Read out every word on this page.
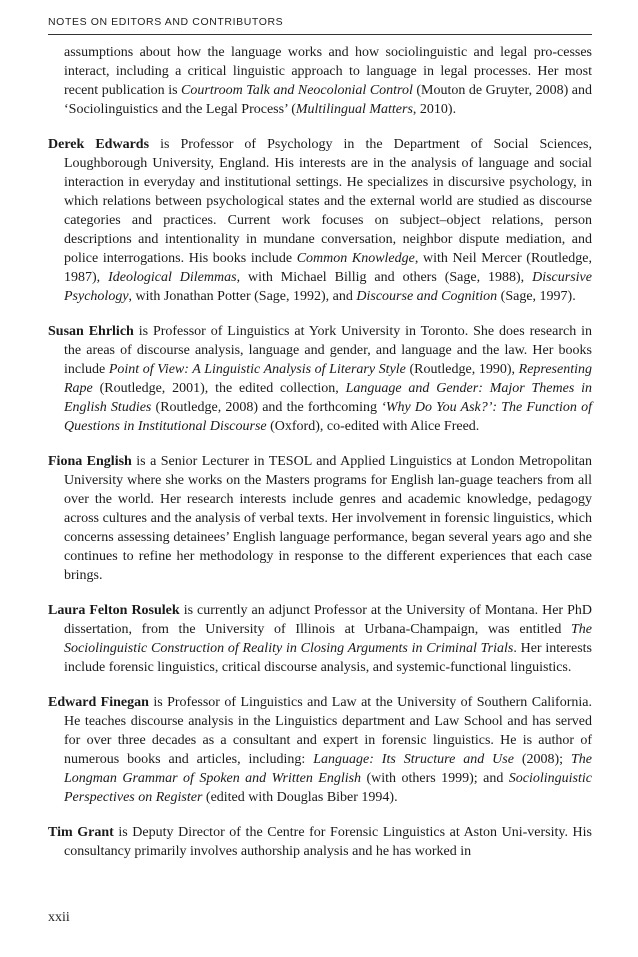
NOTES ON EDITORS AND CONTRIBUTORS

assumptions about how the language works and how sociolinguistic and legal pro-cesses interact, including a critical linguistic approach to language in legal processes. Her most recent publication is Courtroom Talk and Neocolonial Control (Mouton de Gruyter, 2008) and ‘Sociolinguistics and the Legal Process’ (Multilingual Matters, 2010).

Derek Edwards is Professor of Psychology in the Department of Social Sciences, Loughborough University, England. His interests are in the analysis of language and social interaction in everyday and institutional settings. He specializes in discursive psychology, in which relations between psychological states and the external world are studied as discourse categories and practices. Current work focuses on subject–object relations, person descriptions and intentionality in mundane conversation, neighbor dispute mediation, and police interrogations. His books include Common Knowledge, with Neil Mercer (Routledge, 1987), Ideological Dilemmas, with Michael Billig and others (Sage, 1988), Discursive Psychology, with Jonathan Potter (Sage, 1992), and Discourse and Cognition (Sage, 1997).

Susan Ehrlich is Professor of Linguistics at York University in Toronto. She does research in the areas of discourse analysis, language and gender, and language and the law. Her books include Point of View: A Linguistic Analysis of Literary Style (Routledge, 1990), Representing Rape (Routledge, 2001), the edited collection, Language and Gender: Major Themes in English Studies (Routledge, 2008) and the forthcoming ‘Why Do You Ask?’: The Function of Questions in Institutional Discourse (Oxford), co-edited with Alice Freed.

Fiona English is a Senior Lecturer in TESOL and Applied Linguistics at London Metropolitan University where she works on the Masters programs for English lan-guage teachers from all over the world. Her research interests include genres and academic knowledge, pedagogy across cultures and the analysis of verbal texts. Her involvement in forensic linguistics, which concerns assessing detainees’ English language performance, began several years ago and she continues to refine her methodology in response to the different experiences that each case brings.

Laura Felton Rosulek is currently an adjunct Professor at the University of Montana. Her PhD dissertation, from the University of Illinois at Urbana-Champaign, was entitled The Sociolinguistic Construction of Reality in Closing Arguments in Criminal Trials. Her interests include forensic linguistics, critical discourse analysis, and systemic-functional linguistics.

Edward Finegan is Professor of Linguistics and Law at the University of Southern California. He teaches discourse analysis in the Linguistics department and Law School and has served for over three decades as a consultant and expert in forensic linguistics. He is author of numerous books and articles, including: Language: Its Structure and Use (2008); The Longman Grammar of Spoken and Written English (with others 1999); and Sociolinguistic Perspectives on Register (edited with Douglas Biber 1994).

Tim Grant is Deputy Director of the Centre for Forensic Linguistics at Aston Uni-versity. His consultancy primarily involves authorship analysis and he has worked in

xxii
